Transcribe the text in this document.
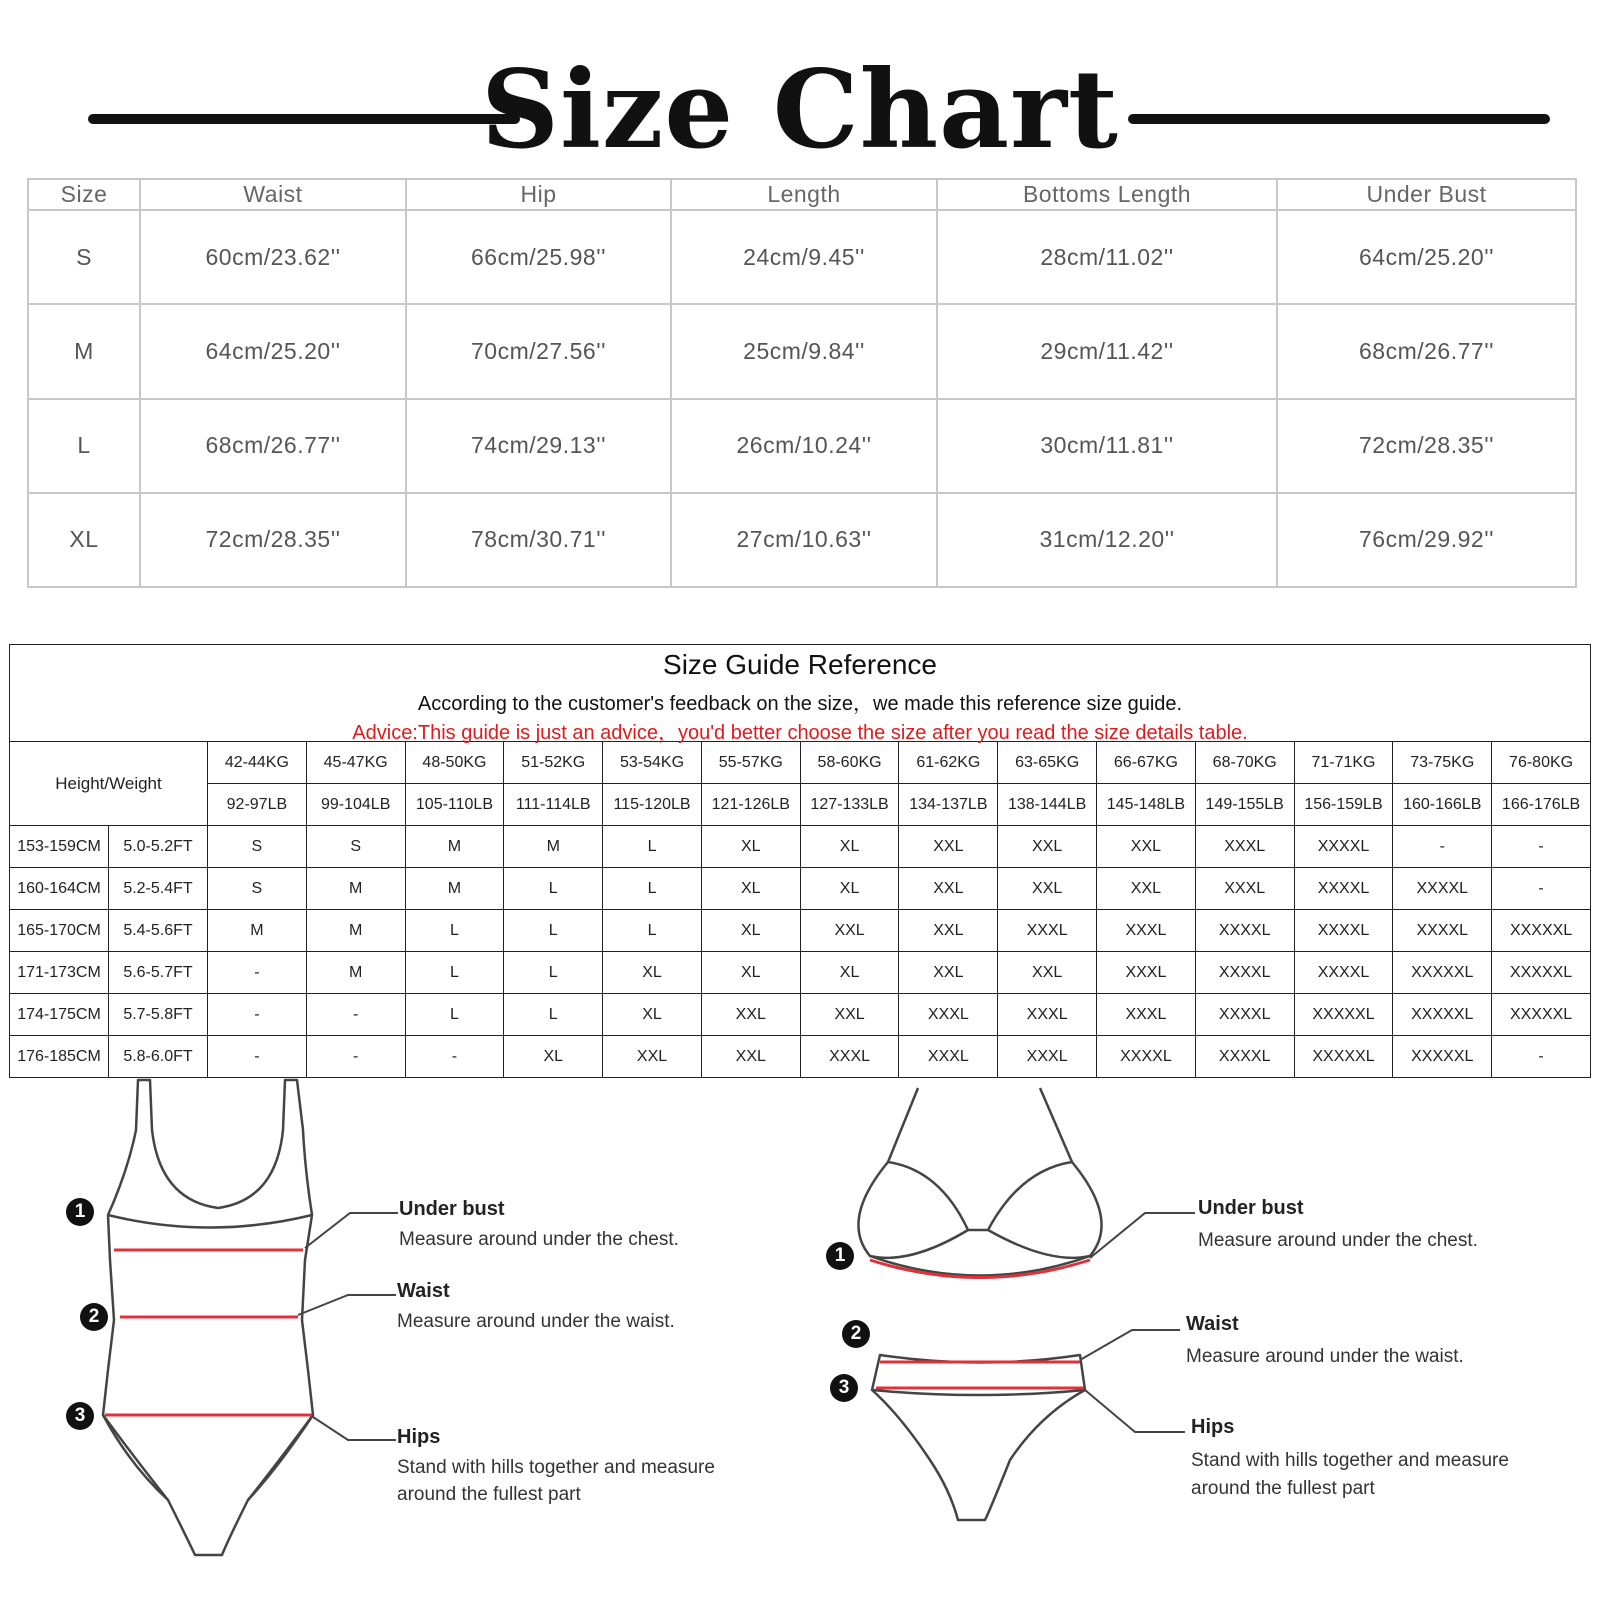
Size Chart
Size	Waist	Hip	Length	Bottoms Length	Under Bust
S	60cm/23.62''	66cm/25.98''	24cm/9.45''	28cm/11.02''	64cm/25.20''
M	64cm/25.20''	70cm/27.56''	25cm/9.84''	29cm/11.42''	68cm/26.77''
L	68cm/26.77''	74cm/29.13''	26cm/10.24''	30cm/11.81''	72cm/28.35''
XL	72cm/28.35''	78cm/30.71''	27cm/10.63''	31cm/12.20''	76cm/29.92''
Size Guide Reference
According to the customer's feedback on the size，we made this reference size guide.
Advice:This guide is just an advice，you'd better choose the size after you read the size details table.
Height/Weight		42-44KG	45-47KG	48-50KG	51-52KG	53-54KG	55-57KG	58-60KG	61-62KG	63-65KG	66-67KG	68-70KG	71-71KG	73-75KG	76-80KG
		92-97LB	99-104LB	105-110LB	111-114LB	115-120LB	121-126LB	127-133LB	134-137LB	138-144LB	145-148LB	149-155LB	156-159LB	160-166LB	166-176LB
153-159CM	5.0-5.2FT	S	S	M	M	L	XL	XL	XXL	XXL	XXL	XXXL	XXXXL	-	-
160-164CM	5.2-5.4FT	S	M	M	L	L	XL	XL	XXL	XXL	XXL	XXXL	XXXXL	XXXXL	-
165-170CM	5.4-5.6FT	M	M	L	L	L	XL	XXL	XXL	XXXL	XXXL	XXXXL	XXXXL	XXXXL	XXXXXL
171-173CM	5.6-5.7FT	-	M	L	L	XL	XL	XL	XXL	XXL	XXXL	XXXXL	XXXXL	XXXXXL	XXXXXL
174-175CM	5.7-5.8FT	-	-	L	L	XL	XXL	XXL	XXXL	XXXL	XXXL	XXXXL	XXXXXL	XXXXXL	XXXXXL
176-185CM	5.8-6.0FT	-	-	-	XL	XXL	XXL	XXXL	XXXL	XXXL	XXXXL	XXXXL	XXXXXL	XXXXXL	-
1
2
3
Under bust
Measure around under the chest.
Waist
Measure around under the waist.
Hips
Stand with hills together and measure
around the fullest part
1
2
3
Under bust
Measure around under the chest.
Waist
Measure around under the waist.
Hips
Stand with hills together and measure
around the fullest part
